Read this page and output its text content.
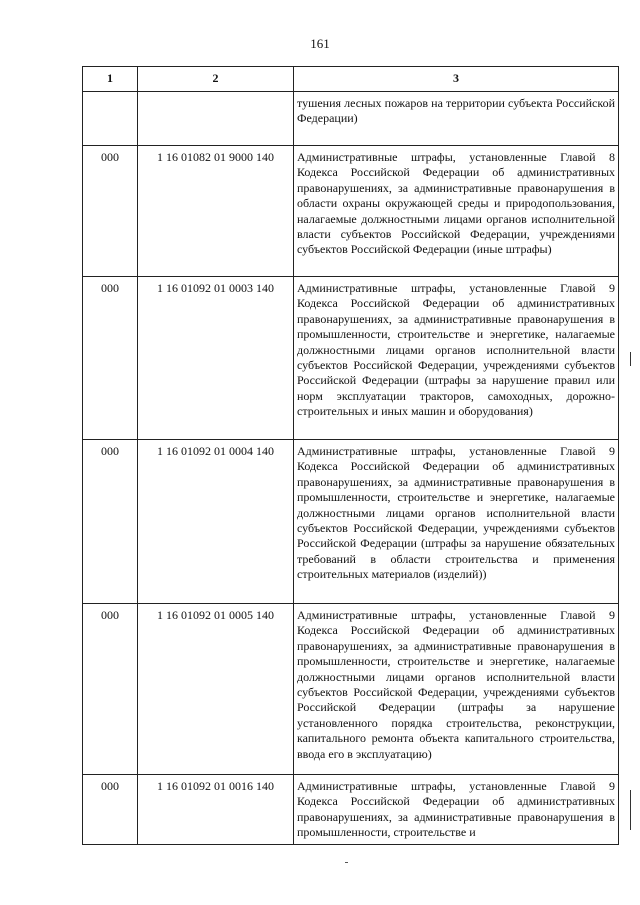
161
1	2	3
		тушения лесных пожаров на территории субъекта Российской Федерации)
000	1 16 01082 01 9000 140	Административные штрафы, установленные Главой 8 Кодекса Российской Федерации об административных правонарушениях, за административные правонарушения в области охраны окружающей среды и природопользования, налагаемые должностными лицами органов исполнительной власти субъектов Российской Федерации, учреждениями субъектов Российской Федерации (иные штрафы)
000	1 16 01092 01 0003 140	Административные штрафы, установленные Главой 9 Кодекса Российской Федерации об административных правонарушениях, за административные правонарушения в промышленности, строительстве и энергетике, налагаемые должностными лицами органов исполнительной власти субъектов Российской Федерации, учреждениями субъектов Российской Федерации (штрафы за нарушение правил или норм эксплуатации тракторов, самоходных, дорожно-строительных и иных машин и оборудования)
000	1 16 01092 01 0004 140	Административные штрафы, установленные Главой 9 Кодекса Российской Федерации об административных правонарушениях, за административные правонарушения в промышленности, строительстве и энергетике, налагаемые должностными лицами органов исполнительной власти субъектов Российской Федерации, учреждениями субъектов Российской Федерации (штрафы за нарушение обязательных требований в области строительства и применения строительных материалов (изделий))
000	1 16 01092 01 0005 140	Административные штрафы, установленные Главой 9 Кодекса Российской Федерации об административных правонарушениях, за административные правонарушения в промышленности, строительстве и энергетике, налагаемые должностными лицами органов исполнительной власти субъектов Российской Федерации, учреждениями субъектов Российской Федерации (штрафы за нарушение установленного порядка строительства, реконструкции, капитального ремонта объекта капитального строительства, ввода его в эксплуатацию)
000	1 16 01092 01 0016 140	Административные штрафы, установленные Главой 9 Кодекса Российской Федерации об административных правонарушениях, за административные правонарушения в промышленности, строительстве и
